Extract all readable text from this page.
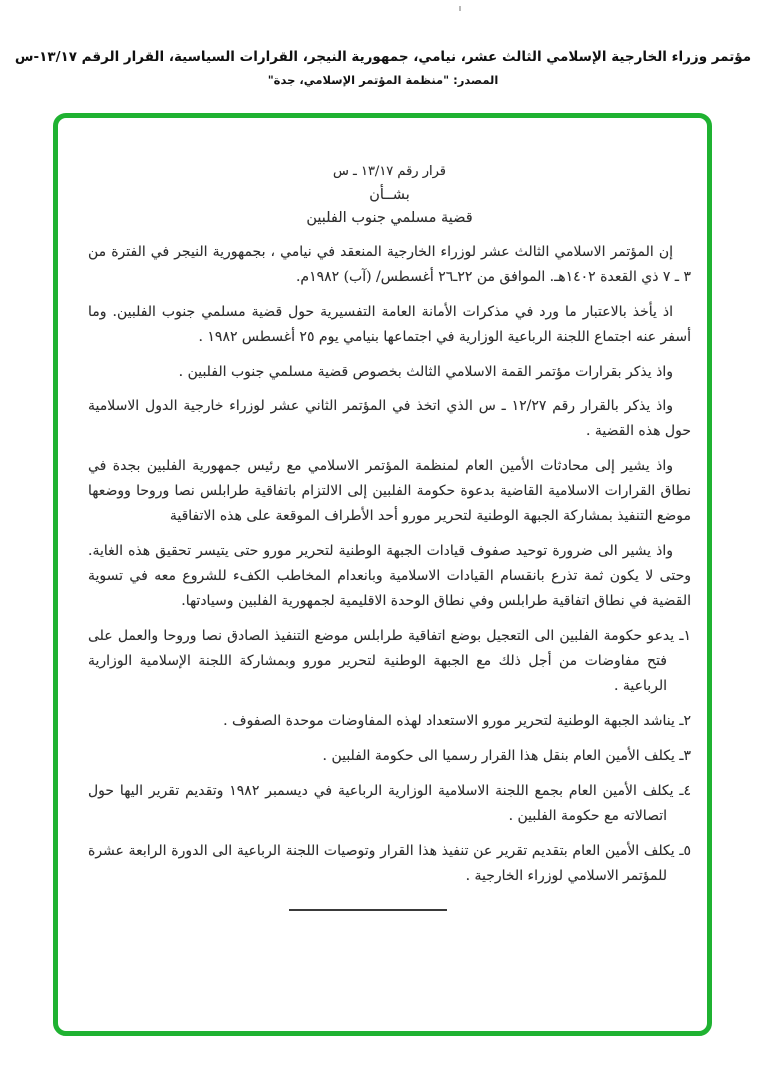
مؤتمر وزراء الخارجية الإسلامي الثالث عشر، نيامي، جمهورية النيجر، القرارات السياسية، القرار الرقم ١٣/١٧-س
المصدر: "منظمة المؤتمر الإسلامي، جدة"
قرار رقم ١٣/١٧ ـ س
بشــأن
قضية مسلمي جنوب الفلبين

إن المؤتمر الاسلامي الثالث عشر لوزراء الخارجية المنعقد في نيامي ، بجمهورية النيجر في الفترة من ٣ ـ ٧ ذي القعدة ١٤٠٢هـ. الموافق من ٢٢ـ٢٦ أغسطس/ (آب) ١٩٨٢م.

اذ يأخذ بالاعتبار ما ورد في مذكرات الأمانة العامة التفسيرية حول قضية مسلمي جنوب الفلبين. وما أسفر عنه اجتماع اللجنة الرباعية الوزارية في اجتماعها بنيامي يوم ٢٥ أغسطس ١٩٨٢ .

واذ يذكر بقرارات مؤتمر القمة الاسلامي الثالث بخصوص قضية مسلمي جنوب الفلبين .

واذ يذكر بالقرار رقم ١٢/٢٧ ـ س الذي اتخذ في المؤتمر الثاني عشر لوزراء خارجية الدول الاسلامية حول هذه القضية .

واذ يشير إلى محادثات الأمين العام لمنظمة المؤتمر الاسلامي مع رئيس جمهورية الفلبين بجدة في نطاق القرارات الاسلامية القاضية بدعوة حكومة الفلبين إلى الالتزام باتفاقية طرابلس نصا وروحا ووضعها موضع التنفيذ بمشاركة الجبهة الوطنية لتحرير مورو أحد الأطراف الموقعة على هذه الاتفاقية

واذ يشير الى ضرورة توحيد صفوف قيادات الجبهة الوطنية لتحرير مورو حتى يتيسر تحقيق هذه الغاية. وحتى لا يكون ثمة تذرع بانقسام القيادات الاسلامية وبانعدام المخاطب الكفء للشروع معه في تسوية القضية في نطاق اتفاقية طرابلس وفي نطاق الوحدة الاقليمية لجمهورية الفلبين وسيادتها.

١ـ يدعو حكومة الفلبين الى التعجيل بوضع اتفاقية طرابلس موضع التنفيذ الصادق نصا وروحا والعمل على فتح مفاوضات من أجل ذلك مع الجبهة الوطنية لتحرير مورو وبمشاركة اللجنة الإسلامية الوزارية الرباعية .
٢ـ يناشد الجبهة الوطنية لتحرير مورو الاستعداد لهذه المفاوضات موحدة الصفوف .
٣ـ يكلف الأمين العام بنقل هذا القرار رسميا الى حكومة الفلبين .
٤ـ يكلف الأمين العام بجمع اللجنة الاسلامية الوزارية الرباعية في ديسمبر ١٩٨٢ وتقديم تقرير اليها حول اتصالاته مع حكومة الفلبين .
٥ـ يكلف الأمين العام بتقديم تقرير عن تنفيذ هذا القرار وتوصيات اللجنة الرباعية الى الدورة الرابعة عشرة للمؤتمر الاسلامي لوزراء الخارجية .
